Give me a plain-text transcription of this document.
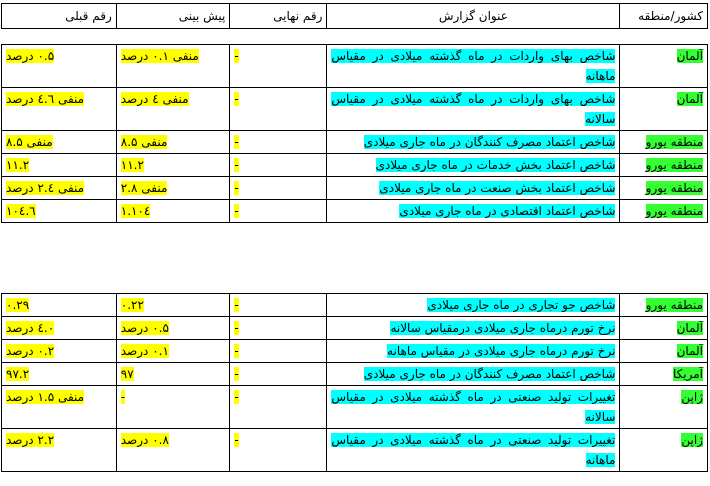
کشور/منطقه	عنوان گزارش	رقم نهایی	پیش بینی	رقم قبلی
آلمان	شاخص بهای واردات در ماه گذشته میلادی در مقیاس ماهانه	-	منفی ۰.۱ درصد	۰.۵ درصد
آلمان	شاخص بهای واردات در ماه گذشته میلادی در مقیاس سالانه	-	منفی ٤ درصد	منفی ٤.٦ درصد
منطقه یورو	شاخص اعتماد مصرف کنندگان در ماه جاری میلادی	-	منفی ۸.۵	منفی ۸.۵
منطقه یورو	شاخص اعتماد بخش خدمات در ماه جاری میلادی	-	۱۱.۲	۱۱.۲
منطقه یورو	شاخص اعتماد بخش صنعت در ماه جاری میلادی	-	منفی ۲.۸	منفی ۲.٤ درصد
منطقه یورو	شاخص اعتماد اقتصادی در ماه جاری میلادی	-	۱۰٤.۱	۱۰٤.٦
منطقه یورو	شاخص جو تجاری در ماه جاری میلادی	-	۰.۲۲	۰.۲۹
آلمان	نرخ تورم درماه جاری میلادی درمقیاس سالانه	-	۰.۵ درصد	۰.٤ درصد
آلمان	نرخ تورم درماه جاری میلادی در مقیاس ماهانه	-	۰.۱ درصد	۰.۲ درصد
آمریکا	شاخص اعتماد مصرف کنندگان در ماه جاری میلادی	-	۹۷	۹۷.۲
ژاپن	تغییرات تولید صنعتی در ماه گذشته میلادی در مقیاس سالانه	-	-	منفی ۱.۵ درصد
ژاپن	تغییرات تولید صنعتی در ماه گذشته میلادی در مقیاس ماهانه	-	۰.۸ درصد	۲.۲ درصد
